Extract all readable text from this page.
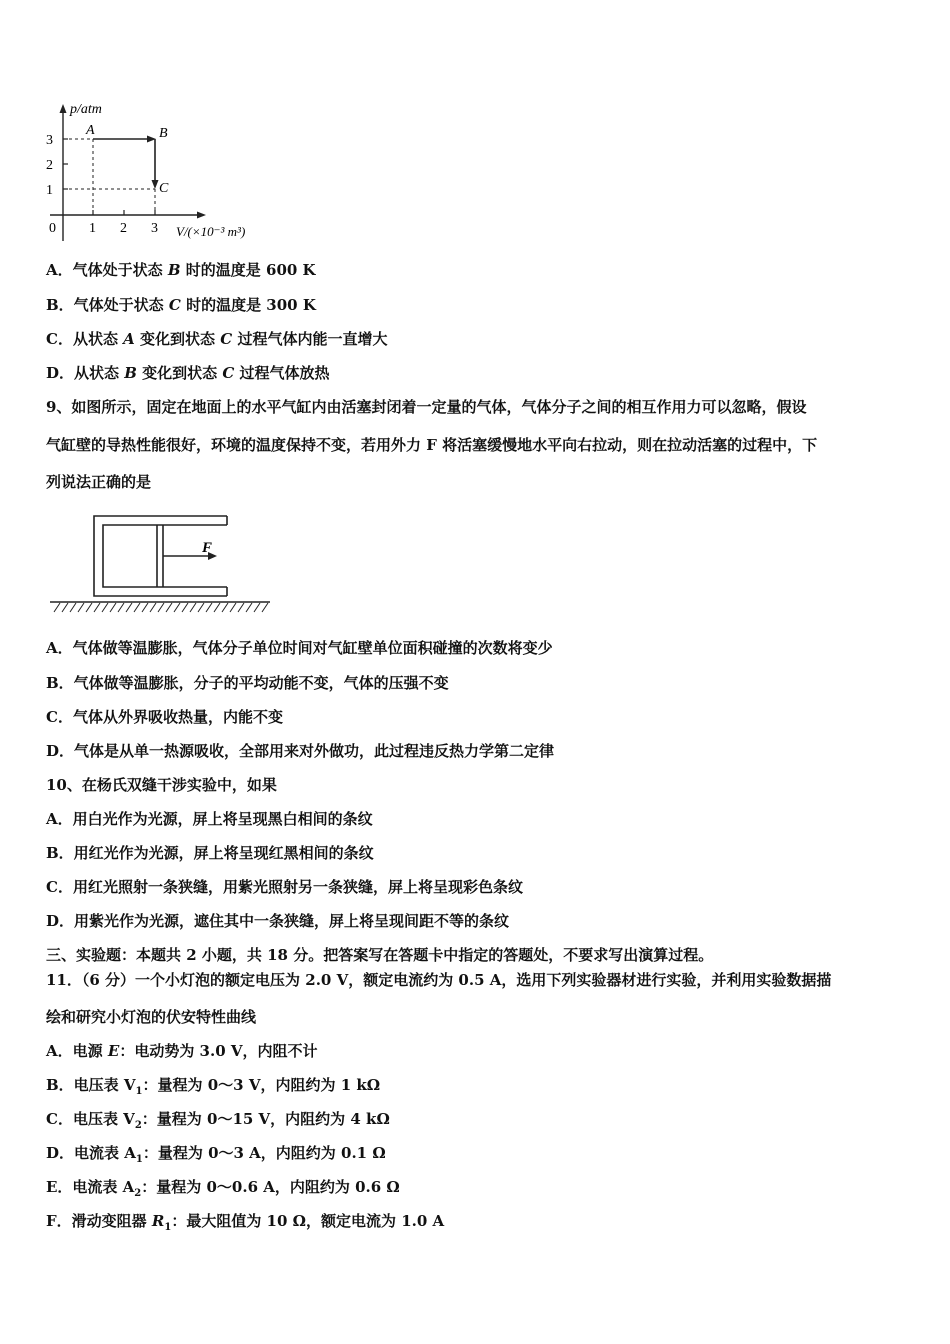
p/atm
3
2
1
0 1 2 3 V/(×10⁻³ m³)
A	B
C
A．气体处于状态 B 时的温度是 600 K
B．气体处于状态 C 时的温度是 300 K
C．从状态 A 变化到状态 C 过程气体内能一直增大
D．从状态 B 变化到状态 C 过程气体放热
9、如图所示，固定在地面上的水平气缸内由活塞封闭着一定量的气体，气体分子之间的相互作用力可以忽略，假设
气缸壁的导热性能很好，环境的温度保持不变，若用外力 F 将活塞缓慢地水平向右拉动，则在拉动活塞的过程中，下
列说法正确的是
F
A．气体做等温膨胀，气体分子单位时间对气缸壁单位面积碰撞的次数将变少
B．气体做等温膨胀，分子的平均动能不变，气体的压强不变
C．气体从外界吸收热量，内能不变
D．气体是从单一热源吸收，全部用来对外做功，此过程违反热力学第二定律
10、在杨氏双缝干涉实验中，如果
A．用白光作为光源，屏上将呈现黑白相间的条纹
B．用红光作为光源，屏上将呈现红黑相间的条纹
C．用红光照射一条狭缝，用紫光照射另一条狭缝，屏上将呈现彩色条纹
D．用紫光作为光源，遮住其中一条狭缝，屏上将呈现间距不等的条纹
三、实验题：本题共 2 小题，共 18 分。把答案写在答题卡中指定的答题处，不要求写出演算过程。
11．（6 分）一个小灯泡的额定电压为 2.0 V，额定电流约为 0.5 A，选用下列实验器材进行实验，并利用实验数据描
绘和研究小灯泡的伏安特性曲线
A．电源 E：电动势为 3.0 V，内阻不计
B．电压表 $V_1$：量程为 0～3 V，内阻约为 1 kΩ
C．电压表 $V_2$：量程为 0～15 V，内阻约为 4 kΩ
D．电流表 $A_1$：量程为 0～3 A，内阻约为 0.1 Ω
E．电流表 $A_2$：量程为 0～0.6 A，内阻约为 0.6 Ω
F．滑动变阻器 $R_1$：最大阻值为 10 Ω，额定电流为 1.0 A
